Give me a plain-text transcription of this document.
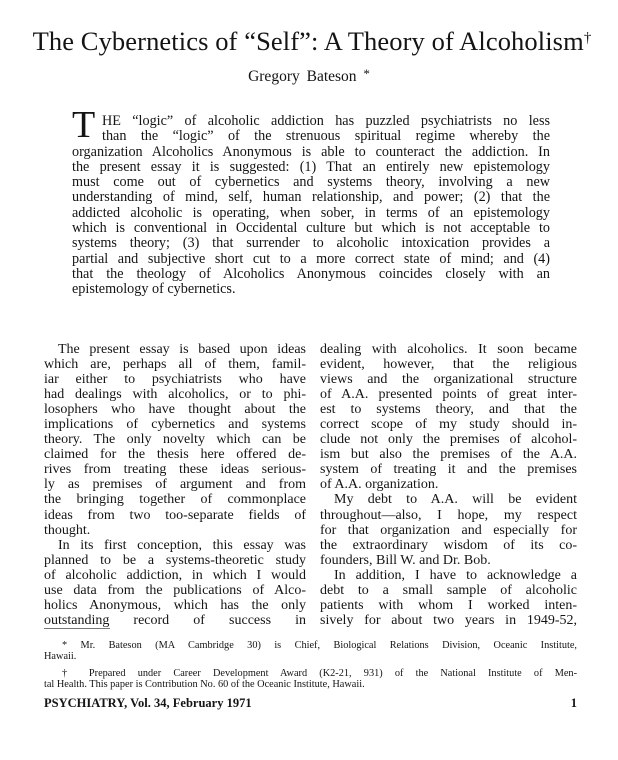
The Cybernetics of “Self”: A Theory of Alcoholism†
Gregory Bateson *
T HE “logic” of alcoholic addiction has puzzled psychiatrists no less
than the “logic” of the strenuous spiritual regime whereby the
organization Alcoholics Anonymous is able to counteract the addiction. In
the present essay it is suggested: (1) That an entirely new epistemology
must come out of cybernetics and systems theory, involving a new
understanding of mind, self, human relationship, and power; (2) that the
addicted alcoholic is operating, when sober, in terms of an epistemology
which is conventional in Occidental culture but which is not acceptable to
systems theory; (3) that surrender to alcoholic intoxication provides a
partial and subjective short cut to a more correct state of mind; and (4)
that the theology of Alcoholics Anonymous coincides closely with an
epistemology of cybernetics.
The present essay is based upon ideas
which are, perhaps all of them, famil-
iar either to psychiatrists who have
had dealings with alcoholics, or to phi-
losophers who have thought about the
implications of cybernetics and systems
theory. The only novelty which can be
claimed for the thesis here offered de-
rives from treating these ideas serious-
ly as premises of argument and from
the bringing together of commonplace
ideas from two too-separate fields of
thought.
In its first conception, this essay was
planned to be a systems-theoretic study
of alcoholic addiction, in which I would
use data from the publications of Alco-
holics Anonymous, which has the only
outstanding record of success in
dealing with alcoholics. It soon became
evident, however, that the religious
views and the organizational structure
of A.A. presented points of great inter-
est to systems theory, and that the
correct scope of my study should in-
clude not only the premises of alcohol-
ism but also the premises of the A.A.
system of treating it and the premises
of A.A. organization.
My debt to A.A. will be evident
throughout—also, I hope, my respect
for that organization and especially for
the extraordinary wisdom of its co-
founders, Bill W. and Dr. Bob.
In addition, I have to acknowledge a
debt to a small sample of alcoholic
patients with whom I worked inten-
sively for about two years in 1949-52,
* Mr. Bateson (MA Cambridge 30) is Chief, Biological Relations Division, Oceanic Institute,
Hawaii.
† Prepared under Career Development Award (K2-21, 931) of the National Institute of Men-
tal Health. This paper is Contribution No. 60 of the Oceanic Institute, Hawaii.
PSYCHIATRY, Vol. 34, February 1971	1
